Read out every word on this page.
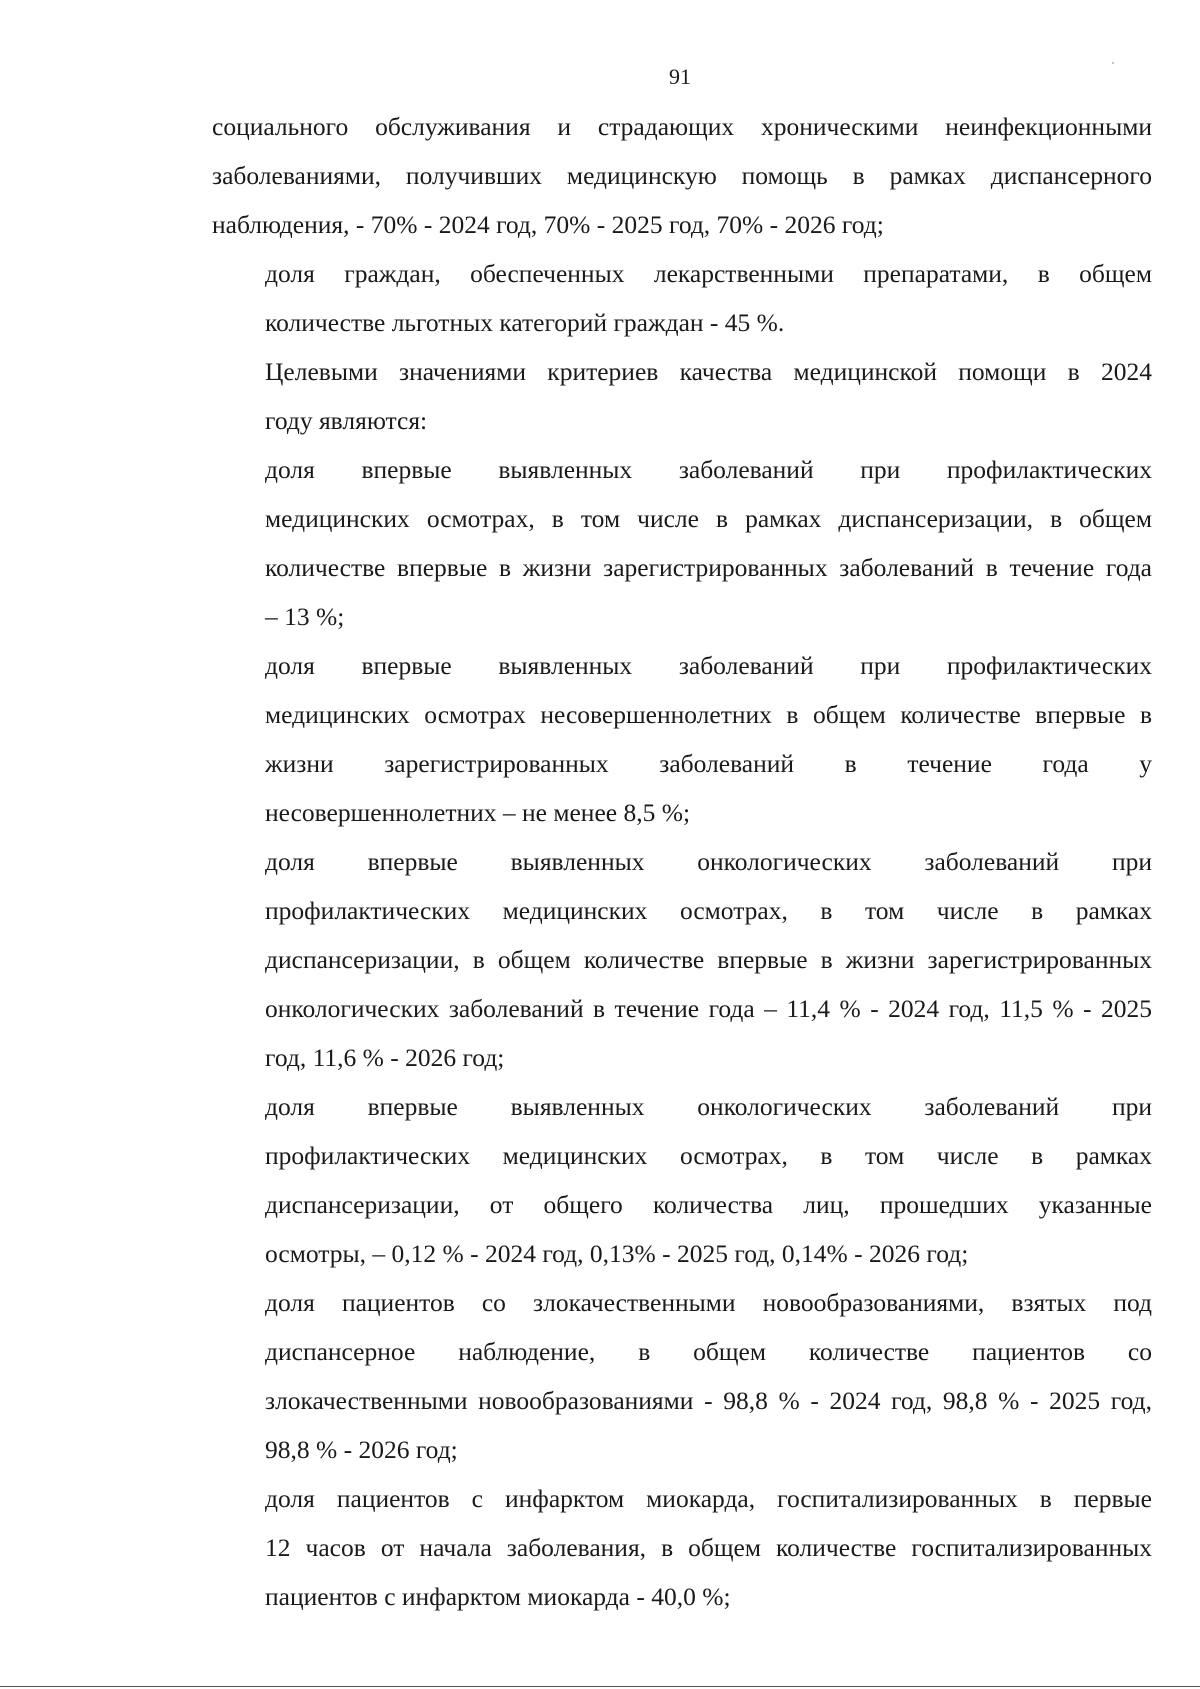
91

социального обслуживания и страдающих хроническими неинфекционными
заболеваниями, получивших медицинскую помощь в рамках диспансерного
наблюдения, - 70% - 2024 год, 70% - 2025 год, 70% - 2026 год;

доля граждан, обеспеченных лекарственными препаратами, в общем
количестве льготных категорий граждан - 45 %.

Целевыми значениями критериев качества медицинской помощи в 2024
году являются:

доля впервые выявленных заболеваний при профилактических
медицинских осмотрах, в том числе в рамках диспансеризации, в общем
количестве впервые в жизни зарегистрированных заболеваний в течение года
– 13 %;

доля впервые выявленных заболеваний при профилактических
медицинских осмотрах несовершеннолетних в общем количестве впервые в
жизни зарегистрированных заболеваний в течение года у
несовершеннолетних – не менее 8,5 %;

доля впервые выявленных онкологических заболеваний при
профилактических медицинских осмотрах, в том числе в рамках
диспансеризации, в общем количестве впервые в жизни зарегистрированных
онкологических заболеваний в течение года – 11,4 % - 2024 год, 11,5 % - 2025
год, 11,6 % - 2026 год;

доля впервые выявленных онкологических заболеваний при
профилактических медицинских осмотрах, в том числе в рамках
диспансеризации, от общего количества лиц, прошедших указанные
осмотры, – 0,12 % - 2024 год, 0,13% - 2025 год, 0,14% - 2026 год;

доля пациентов со злокачественными новообразованиями, взятых под
диспансерное наблюдение, в общем количестве пациентов со
злокачественными новообразованиями - 98,8 % - 2024 год, 98,8 % - 2025 год,
98,8 % - 2026 год;

доля пациентов с инфарктом миокарда, госпитализированных в первые
12 часов от начала заболевания, в общем количестве госпитализированных
пациентов с инфарктом миокарда - 40,0 %;
